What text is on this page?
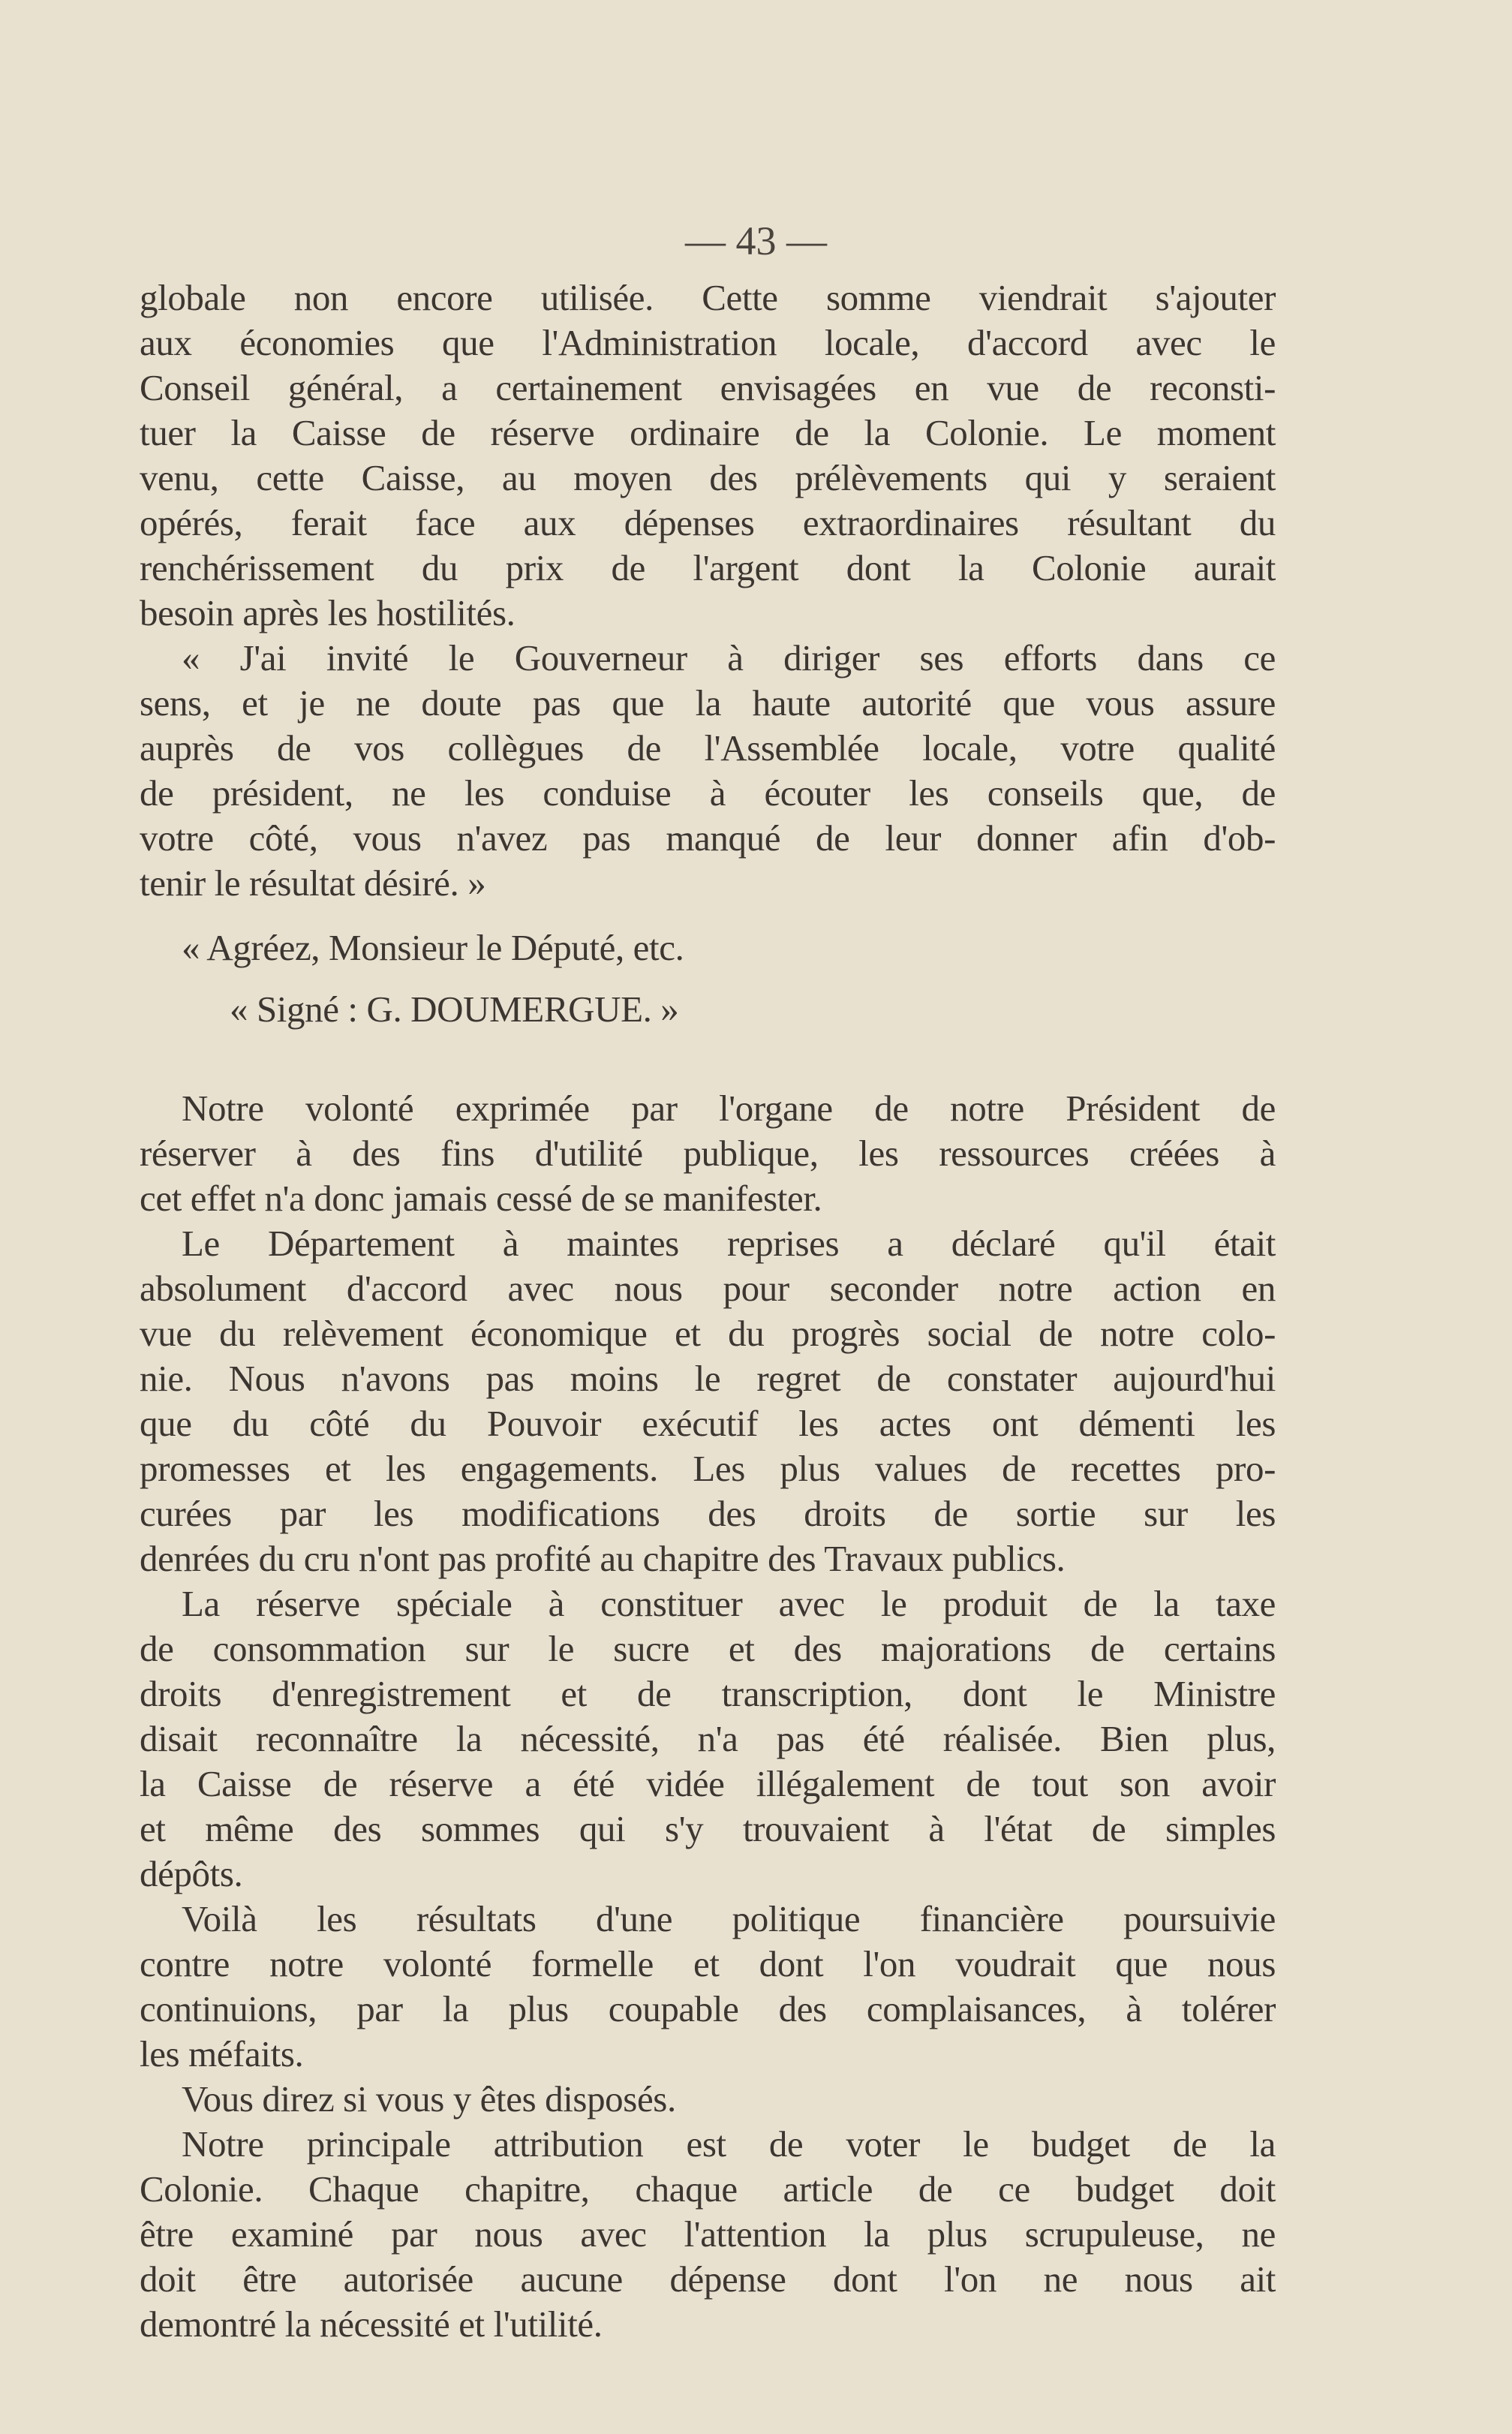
— 43 —
globale non encore utilisée. Cette somme viendrait s'ajouter
aux économies que l'Administration locale, d'accord avec le
Conseil général, a certainement envisagées en vue de reconsti-
tuer la Caisse de réserve ordinaire de la Colonie. Le moment
venu, cette Caisse, au moyen des prélèvements qui y seraient
opérés, ferait face aux dépenses extraordinaires résultant du
renchérissement du prix de l'argent dont la Colonie aurait
besoin après les hostilités.
« J'ai invité le Gouverneur à diriger ses efforts dans ce
sens, et je ne doute pas que la haute autorité que vous assure
auprès de vos collègues de l'Assemblée locale, votre qualité
de président, ne les conduise à écouter les conseils que, de
votre côté, vous n'avez pas manqué de leur donner afin d'ob-
tenir le résultat désiré. »
« Agréez, Monsieur le Député, etc.
« Signé : G. DOUMERGUE. »
Notre volonté exprimée par l'organe de notre Président de
réserver à des fins d'utilité publique, les ressources créées à
cet effet n'a donc jamais cessé de se manifester.
Le Département à maintes reprises a déclaré qu'il était
absolument d'accord avec nous pour seconder notre action en
vue du relèvement économique et du progrès social de notre colo-
nie. Nous n'avons pas moins le regret de constater aujourd'hui
que du côté du Pouvoir exécutif les actes ont démenti les
promesses et les engagements. Les plus values de recettes pro-
curées par les modifications des droits de sortie sur les
denrées du cru n'ont pas profité au chapitre des Travaux publics.
La réserve spéciale à constituer avec le produit de la taxe
de consommation sur le sucre et des majorations de certains
droits d'enregistrement et de transcription, dont le Ministre
disait reconnaître la nécessité, n'a pas été réalisée. Bien plus,
la Caisse de réserve a été vidée illégalement de tout son avoir
et même des sommes qui s'y trouvaient à l'état de simples
dépôts.
Voilà les résultats d'une politique financière poursuivie
contre notre volonté formelle et dont l'on voudrait que nous
continuions, par la plus coupable des complaisances, à tolérer
les méfaits.
Vous direz si vous y êtes disposés.
Notre principale attribution est de voter le budget de la
Colonie. Chaque chapitre, chaque article de ce budget doit
être examiné par nous avec l'attention la plus scrupuleuse, ne
doit être autorisée aucune dépense dont l'on ne nous ait
demontré la nécessité et l'utilité.
